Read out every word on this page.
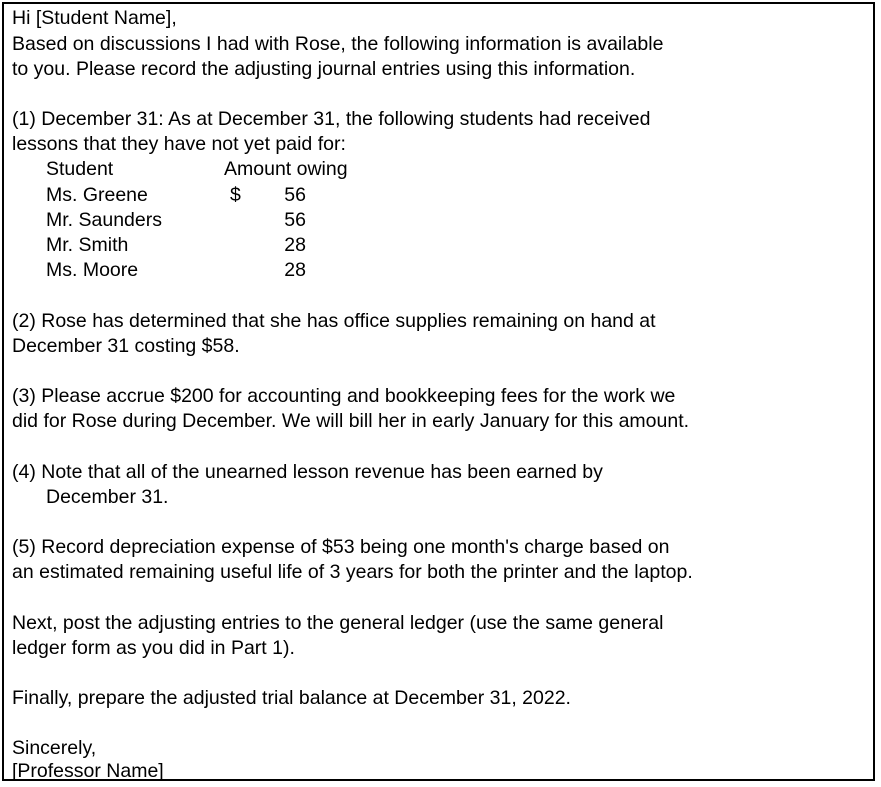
Hi [Student Name],
Based on discussions I had with Rose, the following information is available
to you. Please record the adjusting journal entries using this information.
(1) December 31: As at December 31, the following students had received
lessons that they have not yet paid for:
Student	Amount owing
Ms. Greene	$	56
Mr. Saunders	56
Mr. Smith	28
Ms. Moore	28
(2) Rose has determined that she has office supplies remaining on hand at
December 31 costing $58.
(3) Please accrue $200 for accounting and bookkeeping fees for the work we
did for Rose during December. We will bill her in early January for this amount.
(4) Note that all of the unearned lesson revenue has been earned by
December 31.
(5) Record depreciation expense of $53 being one month's charge based on
an estimated remaining useful life of 3 years for both the printer and the laptop.
Next, post the adjusting entries to the general ledger (use the same general
ledger form as you did in Part 1).
Finally, prepare the adjusted trial balance at December 31, 2022.
Sincerely,
[Professor Name]
